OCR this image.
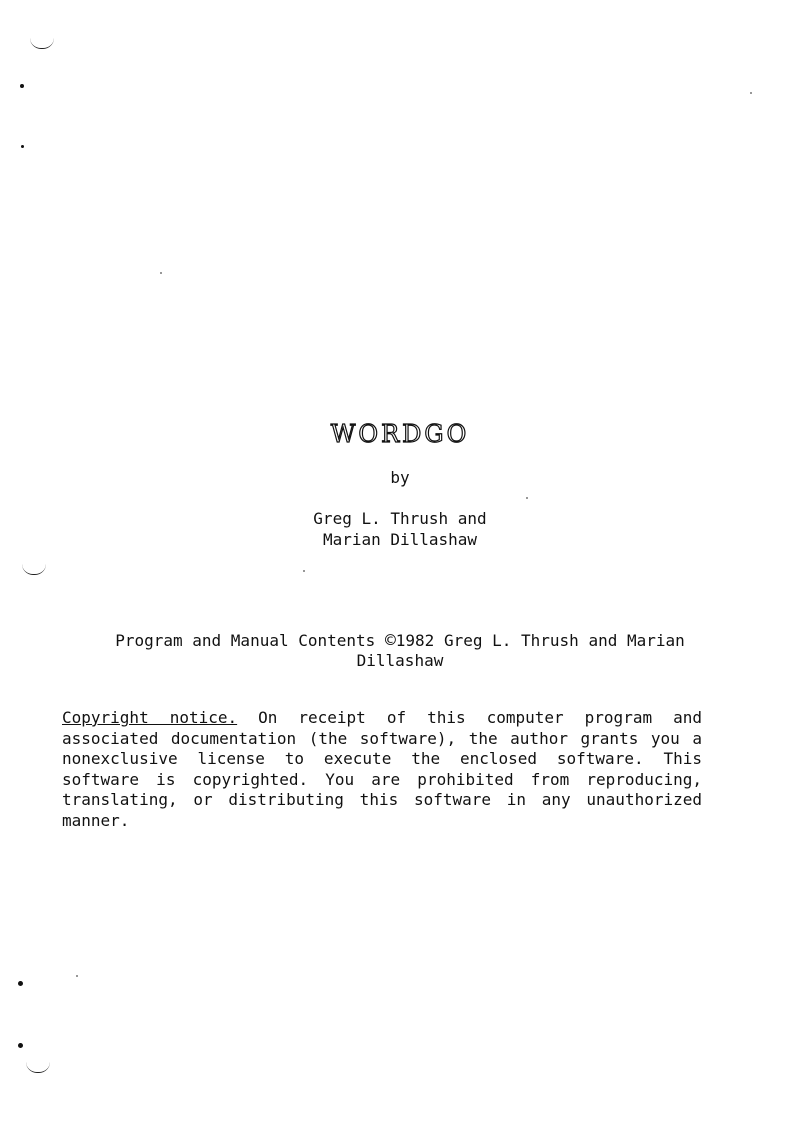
WORDGO
by
Greg L. Thrush and
Marian Dillashaw
Program and Manual Contents ©1982 Greg L. Thrush and Marian
Dillashaw
Copyright notice. On receipt of this computer program and associated documentation (the software), the author grants you a nonexclusive license to execute the enclosed software. This software is copyrighted. You are prohibited from reproducing, translating, or distributing this software in any unauthorized manner.
